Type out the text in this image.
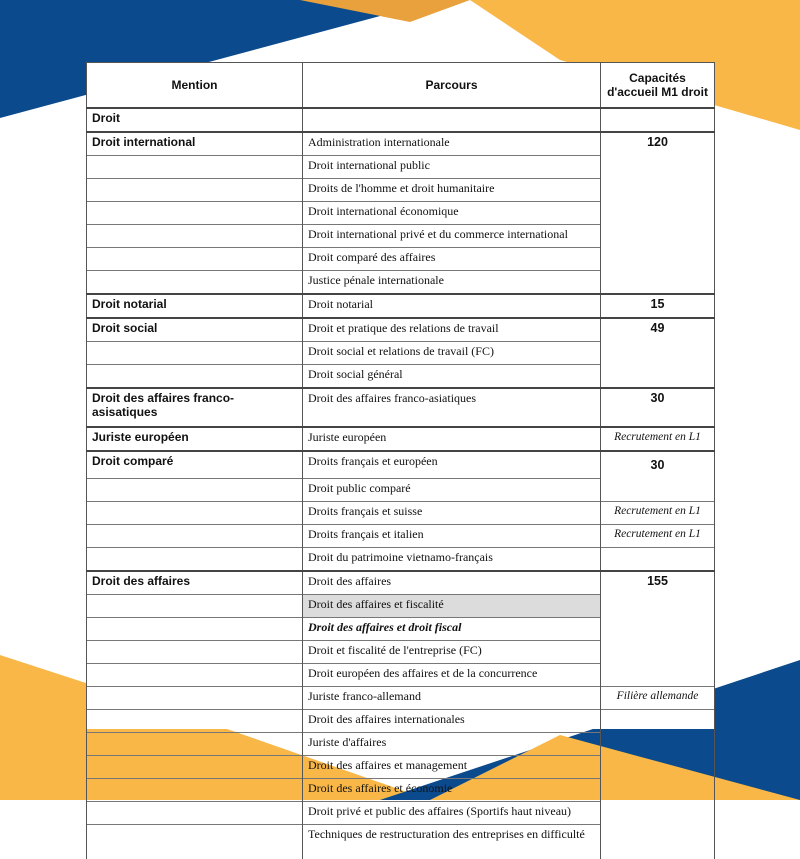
Mention	Parcours	Capacités d'accueil M1 droit
Droit		
Droit international	Administration internationale	120
	Droit international public	
	Droits de l'homme et droit humanitaire	
	Droit international économique	
	Droit international privé et du commerce international	
	Droit comparé des affaires	
	Justice pénale internationale	
Droit notarial	Droit notarial	15
Droit social	Droit et pratique des relations de travail	49
	Droit social et relations de travail (FC)	
	Droit social général	
Droit des affaires franco-asisatiques	Droit des affaires franco-asiatiques	30
Juriste européen	Juriste européen	Recrutement en L1
Droit comparé	Droits français et européen	30
	Droit public comparé	
	Droits français et suisse	Recrutement en L1
	Droits français et italien	Recrutement en L1
	Droit du patrimoine vietnamo-français	
Droit des affaires	Droit des affaires	155
	Droit des affaires et fiscalité	
	Droit des affaires et droit fiscal	
	Droit et fiscalité de l'entreprise (FC)	
	Droit européen des affaires et de la concurrence	
	Juriste franco-allemand	Filière allemande
	Droit des affaires internationales	
	Juriste d'affaires	
	Droit des affaires et management	
	Droit des affaires et économie	
	Droit privé et public des affaires (Sportifs haut niveau)	
	Techniques de restructuration des entreprises en difficulté	
